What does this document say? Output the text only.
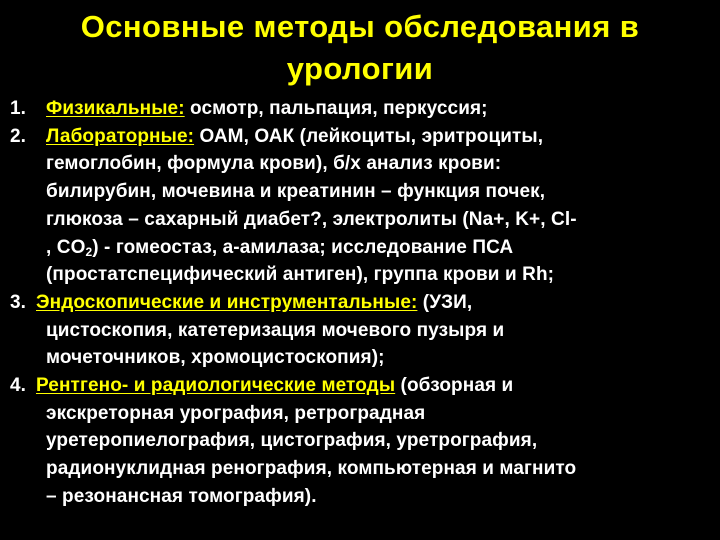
Основные методы обследования в
урологии
1.	Физикальные: осмотр, пальпация, перкуссия;
2.	Лабораторные: ОАМ, ОАК (лейкоциты, эритроциты,
гемоглобин, формула крови), б/х анализ крови:
билирубин, мочевина и креатинин – функция почек,
глюкоза – сахарный диабет?, электролиты (Na+, K+, Cl-
, $CO_2$) - гомеостаз, а-амилаза; исследование ПСА
(простатспецифический антиген), группа крови и Rh;
3. Эндоскопические и инструментальные: (УЗИ,
цистоскопия, катетеризация мочевого пузыря и
мочеточников, хромоцистоскопия);
4. Рентгено- и радиологические методы (обзорная и
экскреторная урография, ретроградная
уретеропиелография, цистография, уретрография,
радионуклидная ренография, компьютерная и магнито
– резонансная томография).
